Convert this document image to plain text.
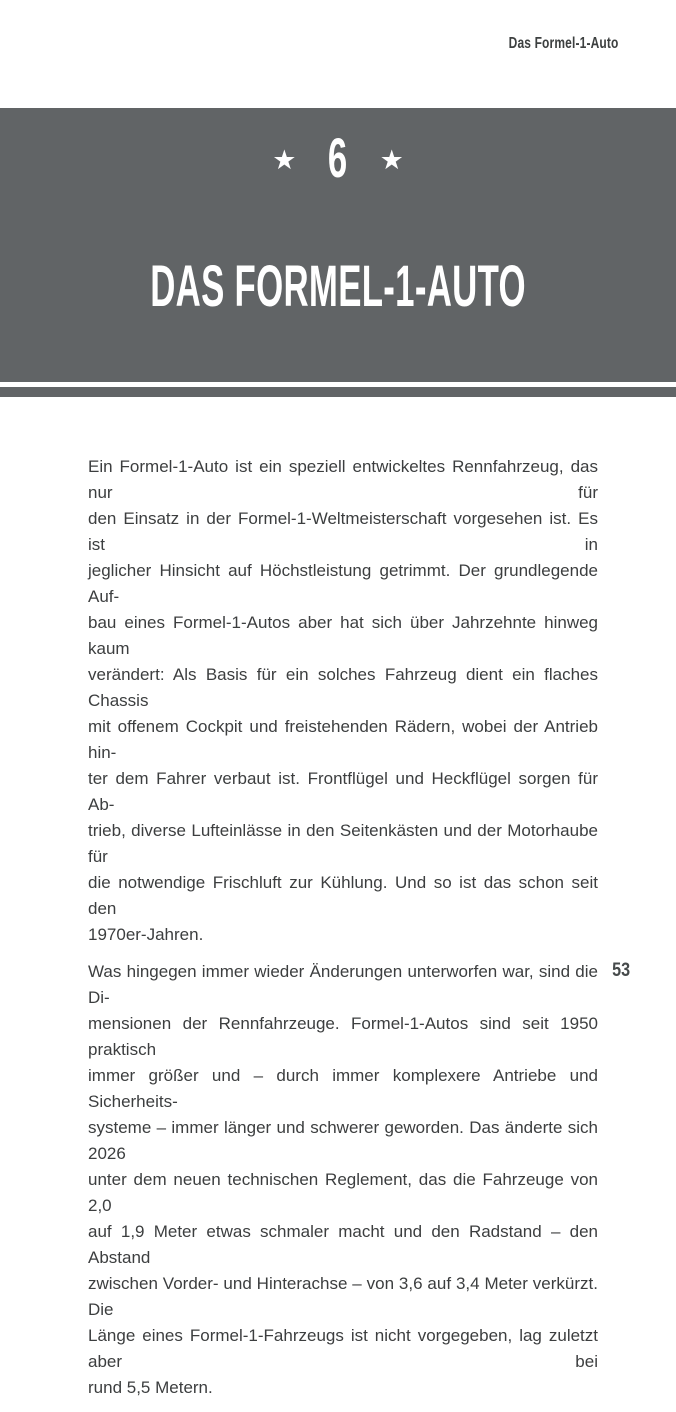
Das Formel-1-Auto
★ 6 ★
DAS FORMEL-1-AUTO
Ein Formel-1-Auto ist ein speziell entwickeltes Rennfahrzeug, das nur für
den Einsatz in der Formel-1-Weltmeisterschaft vorgesehen ist. Es ist in
jeglicher Hinsicht auf Höchstleistung getrimmt. Der grundlegende Auf-
bau eines Formel-1-Autos aber hat sich über Jahrzehnte hinweg kaum
verändert: Als Basis für ein solches Fahrzeug dient ein flaches Chassis
mit offenem Cockpit und freistehenden Rädern, wobei der Antrieb hin-
ter dem Fahrer verbaut ist. Frontflügel und Heckflügel sorgen für Ab-
trieb, diverse Lufteinlässe in den Seitenkästen und der Motorhaube für
die notwendige Frischluft zur Kühlung. Und so ist das schon seit den
1970er-Jahren.
Was hingegen immer wieder Änderungen unterworfen war, sind die Di-
mensionen der Rennfahrzeuge. Formel-1-Autos sind seit 1950 praktisch
immer größer und – durch immer komplexere Antriebe und Sicherheits-
systeme – immer länger und schwerer geworden. Das änderte sich 2026
unter dem neuen technischen Reglement, das die Fahrzeuge von 2,0
auf 1,9 Meter etwas schmaler macht und den Radstand – den Abstand
zwischen Vorder- und Hinterachse – von 3,6 auf 3,4 Meter verkürzt. Die
Länge eines Formel-1-Fahrzeugs ist nicht vorgegeben, lag zuletzt aber bei
rund 5,5 Metern.
53
